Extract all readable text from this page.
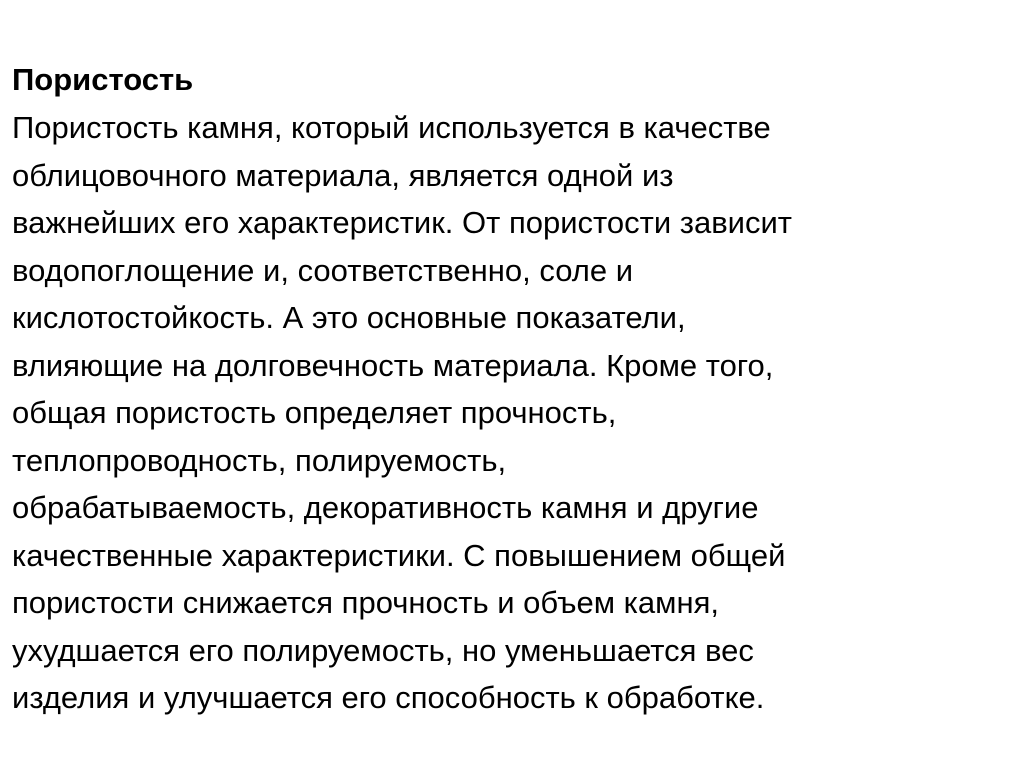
Пористость

Пористость камня, который используется в качестве
облицовочного материала, является одной из
важнейших его характеристик. От пористости зависит
водопоглощение и, соответственно, соле и
кислотостойкость. А это основные показатели,
влияющие на долговечность материала. Кроме того,
общая пористость определяет прочность,
теплопроводность, полируемость,
обрабатываемость, декоративность камня и другие
качественные характеристики. С повышением общей
пористости снижается прочность и объем камня,
ухудшается его полируемость, но уменьшается вес
изделия и улучшается его способность к обработке.
